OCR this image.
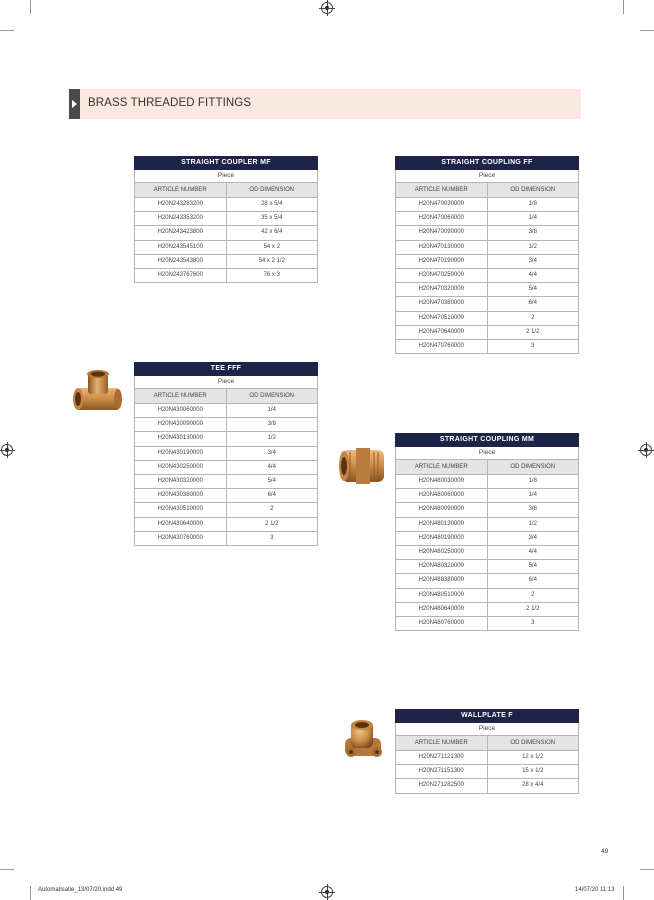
BRASS THREADED FITTINGS
STRAIGHT COUPLER MF
Piece
ARTICLE NUMBER	OD DIMENSION
H20N243283200	28 x 5/4
H20N243353200	35 x 5/4
H20N243423800	42 x 6/4
H20N243545100	54 x 2
H20N243543800	54 x 2 1/2
H20N243767600	76 x 3
STRAIGHT COUPLING FF
Piece
ARTICLE NUMBER	OD DIMENSION
H20N470030000	1/8
H20N470060000	1/4
H20N470090000	3/8
H20N470130000	1/2
H20N470190000	3/4
H20N470250000	4/4
H20N470320000	5/4
H20N470380000	6/4
H20N470510000	2
H20N470640000	2 1/2
H20N470760000	3
TEE FFF
Piece
ARTICLE NUMBER	OD DIMENSION
H20N430060000	1/4
H20N430090000	3/8
H20N430130000	1/2
H20N430190000	3/4
H20N430250000	4/4
H20N430320000	5/4
H20N430380000	6/4
H20N430510000	2
H20N430640000	2 1/2
H20N430760000	3
STRAIGHT COUPLING MM
Piece
ARTICLE NUMBER	OD DIMENSION
H20N480030000	1/8
H20N480060000	1/4
H20N480090000	3/8
H20N480130000	1/2
H20N480190000	3/4
H20N480250000	4/4
H20N480320000	5/4
H20N480380000	6/4
H20N480510000	2
H20N480640000	2 1/2
H20N480760000	3
WALLPLATE F
Piece
ARTICLE NUMBER	OD DIMENSION
H20N271121300	12 x 1/2
H20N271151300	15 x 1/2
H20N271282500	28 x 4/4
49
Automatisatie_13/07/20.indd 49	14/07/20 11:13
